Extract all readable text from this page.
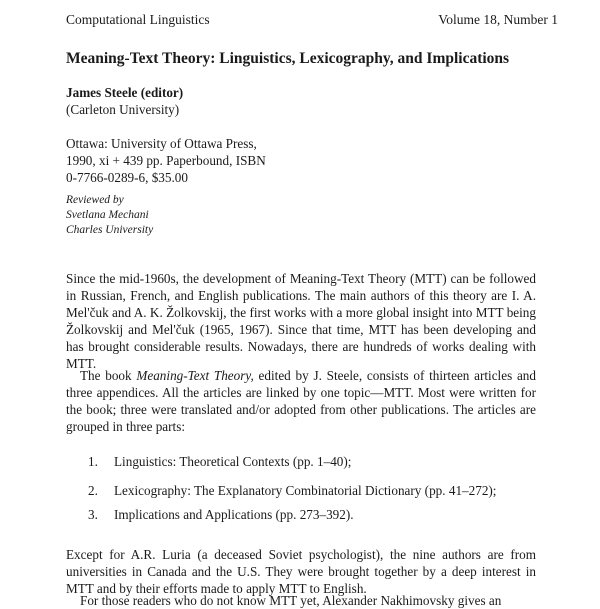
Computational Linguistics	Volume 18, Number 1
Meaning-Text Theory: Linguistics, Lexicography, and Implications
James Steele (editor)
(Carleton University)
Ottawa: University of Ottawa Press,
1990, xi + 439 pp. Paperbound, ISBN
0-7766-0289-6, $35.00
Reviewed by
Svetlana Mechani
Charles University

Since the mid-1960s, the development of Meaning-Text Theory (MTT) can be followed in Russian, French, and English publications. The main authors of this theory are I. A. Mel'čuk and A. K. Žolkovskij, the first works with a more global insight into MTT being Žolkovskij and Mel'čuk (1965, 1967). Since that time, MTT has been developing and has brought considerable results. Nowadays, there are hundreds of works dealing with MTT.

The book Meaning-Text Theory, edited by J. Steele, consists of thirteen articles and three appendices. All the articles are linked by one topic—MTT. Most were written for the book; three were translated and/or adopted from other publications. The articles are grouped in three parts:

1. Linguistics: Theoretical Contexts (pp. 1–40);
2. Lexicography: The Explanatory Combinatorial Dictionary (pp. 41–272);
3. Implications and Applications (pp. 273–392).

Except for A.R. Luria (a deceased Soviet psychologist), the nine authors are from universities in Canada and the U.S. They were brought together by a deep interest in MTT and by their efforts made to apply MTT to English.

For those readers who do not know MTT yet, Alexander Nakhimovsky gives an
